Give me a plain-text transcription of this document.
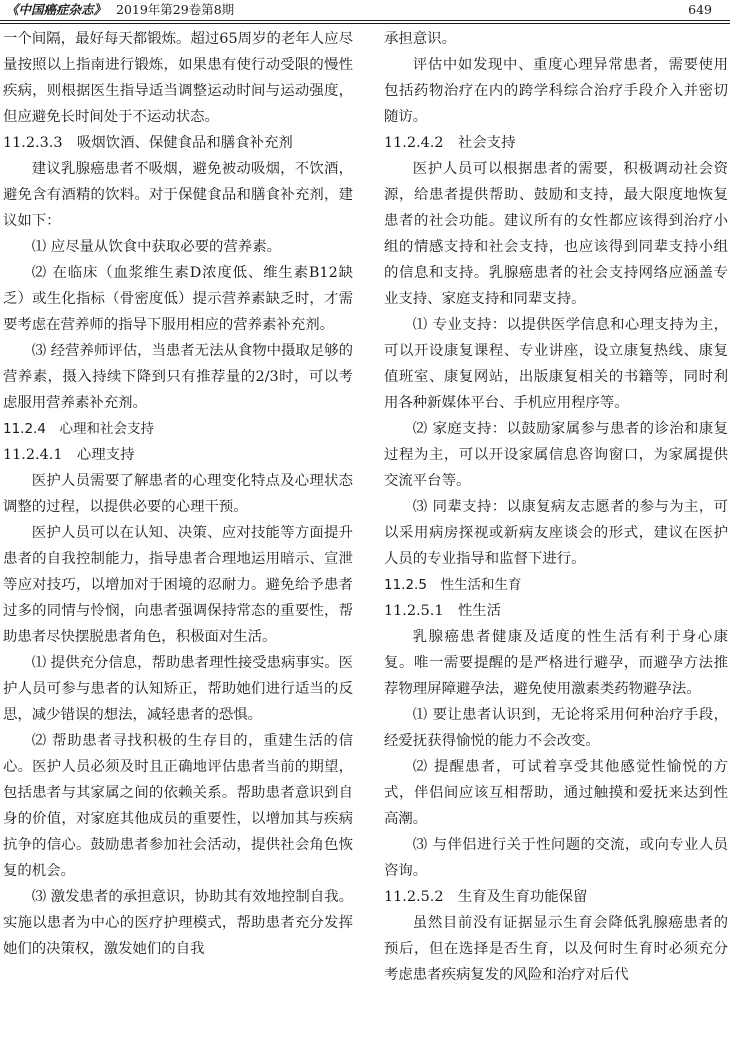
《中国癌症杂志》 2019年第29卷第8期	649

一个间隔，最好每天都锻炼。超过65周岁的老年人应尽量按照以上指南进行锻炼，如果患有使行动受限的慢性疾病，则根据医生指导适当调整运动时间与运动强度，但应避免长时间处于不运动状态。

11.2.3.3　吸烟饮酒、保健食品和膳食补充剂

建议乳腺癌患者不吸烟，避免被动吸烟，不饮酒，避免含有酒精的饮料。对于保健食品和膳食补充剂，建议如下：

⑴ 应尽量从饮食中获取必要的营养素。

⑵ 在临床（血浆维生素D浓度低、维生素B12缺乏）或生化指标（骨密度低）提示营养素缺乏时，才需要考虑在营养师的指导下服用相应的营养素补充剂。

⑶ 经营养师评估，当患者无法从食物中摄取足够的营养素，摄入持续下降到只有推荐量的2/3时，可以考虑服用营养素补充剂。

11.2.4　心理和社会支持

11.2.4.1　心理支持

医护人员需要了解患者的心理变化特点及心理状态调整的过程，以提供必要的心理干预。

医护人员可以在认知、决策、应对技能等方面提升患者的自我控制能力，指导患者合理地运用暗示、宣泄等应对技巧，以增加对于困境的忍耐力。避免给予患者过多的同情与怜悯，向患者强调保持常态的重要性，帮助患者尽快摆脱患者角色，积极面对生活。

⑴ 提供充分信息，帮助患者理性接受患病事实。医护人员可参与患者的认知矫正，帮助她们进行适当的反思，减少错误的想法，减轻患者的恐惧。

⑵ 帮助患者寻找积极的生存目的，重建生活的信心。医护人员必须及时且正确地评估患者当前的期望，包括患者与其家属之间的依赖关系。帮助患者意识到自身的价值，对家庭其他成员的重要性，以增加其与疾病抗争的信心。鼓励患者参加社会活动，提供社会角色恢复的机会。

⑶ 激发患者的承担意识，协助其有效地控制自我。实施以患者为中心的医疗护理模式，帮助患者充分发挥她们的决策权，激发她们的自我

承担意识。

评估中如发现中、重度心理异常患者，需要使用包括药物治疗在内的跨学科综合治疗手段介入并密切随访。

11.2.4.2　社会支持

医护人员可以根据患者的需要，积极调动社会资源，给患者提供帮助、鼓励和支持，最大限度地恢复患者的社会功能。建议所有的女性都应该得到治疗小组的情感支持和社会支持，也应该得到同辈支持小组的信息和支持。乳腺癌患者的社会支持网络应涵盖专业支持、家庭支持和同辈支持。

⑴ 专业支持：以提供医学信息和心理支持为主，可以开设康复课程、专业讲座，设立康复热线、康复值班室、康复网站，出版康复相关的书籍等，同时利用各种新媒体平台、手机应用程序等。

⑵ 家庭支持：以鼓励家属参与患者的诊治和康复过程为主，可以开设家属信息咨询窗口，为家属提供交流平台等。

⑶ 同辈支持：以康复病友志愿者的参与为主，可以采用病房探视或新病友座谈会的形式，建议在医护人员的专业指导和监督下进行。

11.2.5　性生活和生育

11.2.5.1　性生活

乳腺癌患者健康及适度的性生活有利于身心康复。唯一需要提醒的是严格进行避孕，而避孕方法推荐物理屏障避孕法，避免使用激素类药物避孕法。

⑴ 要让患者认识到，无论将采用何种治疗手段，经爱抚获得愉悦的能力不会改变。

⑵ 提醒患者，可试着享受其他感觉性愉悦的方式，伴侣间应该互相帮助，通过触摸和爱抚来达到性高潮。

⑶ 与伴侣进行关于性问题的交流，或向专业人员咨询。

11.2.5.2　生育及生育功能保留

虽然目前没有证据显示生育会降低乳腺癌患者的预后，但在选择是否生育，以及何时生育时必须充分考虑患者疾病复发的风险和治疗对后代
